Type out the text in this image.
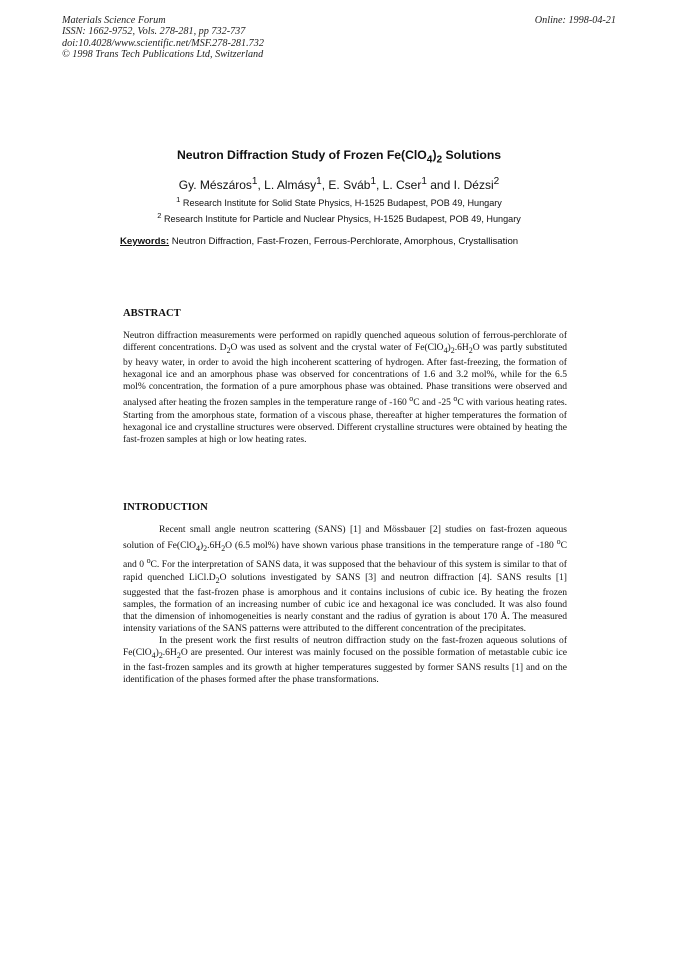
Materials Science Forum
ISSN: 1662-9752, Vols. 278-281, pp 732-737
doi:10.4028/www.scientific.net/MSF.278-281.732
© 1998 Trans Tech Publications Ltd, Switzerland
Online: 1998-04-21
Neutron Diffraction Study of Frozen $Fe(ClO_4)_2$ Solutions
Gy. Mészáros$^1$, L. Almásy$^1$, E. Sváb$^1$, L. Cser$^1$ and I. Dézsi$^2$
$^1$ Research Institute for Solid State Physics, H-1525 Budapest, POB 49, Hungary
$^2$ Research Institute for Particle and Nuclear Physics, H-1525 Budapest, POB 49, Hungary
Keywords: Neutron Diffraction, Fast-Frozen, Ferrous-Perchlorate, Amorphous, Crystallisation
ABSTRACT

Neutron diffraction measurements were performed on rapidly quenched aqueous solution of ferrous-perchlorate of different concentrations. $D_2O$ was used as solvent and the crystal water of $Fe(ClO_4)_2.6H_2O$ was partly substituted by heavy water, in order to avoid the high incoherent scattering of hydrogen. After fast-freezing, the formation of hexagonal ice and an amorphous phase was observed for concentrations of 1.6 and 3.2 mol%, while for the 6.5 mol% concentration, the formation of a pure amorphous phase was obtained. Phase transitions were observed and analysed after heating the frozen samples in the temperature range of -160 $^o$C and -25 $^o$C with various heating rates. Starting from the amorphous state, formation of a viscous phase, thereafter at higher temperatures the formation of hexagonal ice and crystalline structures were observed. Different crystalline structures were obtained by heating the fast-frozen samples at high or low heating rates.

INTRODUCTION

Recent small angle neutron scattering (SANS) [1] and Mössbauer [2] studies on fast-frozen aqueous solution of $Fe(ClO_4)_2.6H_2O$ (6.5 mol%) have shown various phase transitions in the temperature range of -180 $^o$C and 0 $^o$C. For the interpretation of SANS data, it was supposed that the behaviour of this system is similar to that of rapid quenched $LiCl.D_2O$ solutions investigated by SANS [3] and neutron diffraction [4]. SANS results [1] suggested that the fast-frozen phase is amorphous and it contains inclusions of cubic ice. By heating the frozen samples, the formation of an increasing number of cubic ice and hexagonal ice was concluded. It was also found that the dimension of inhomogeneities is nearly constant and the radius of gyration is about 170 Å. The measured intensity variations of the SANS patterns were attributed to the different concentration of the precipitates.

In the present work the first results of neutron diffraction study on the fast-frozen aqueous solutions of $Fe(ClO_4)_2.6H_2O$ are presented. Our interest was mainly focused on the possible formation of metastable cubic ice in the fast-frozen samples and its growth at higher temperatures suggested by former SANS results [1] and on the identification of the phases formed after the phase transformations.
